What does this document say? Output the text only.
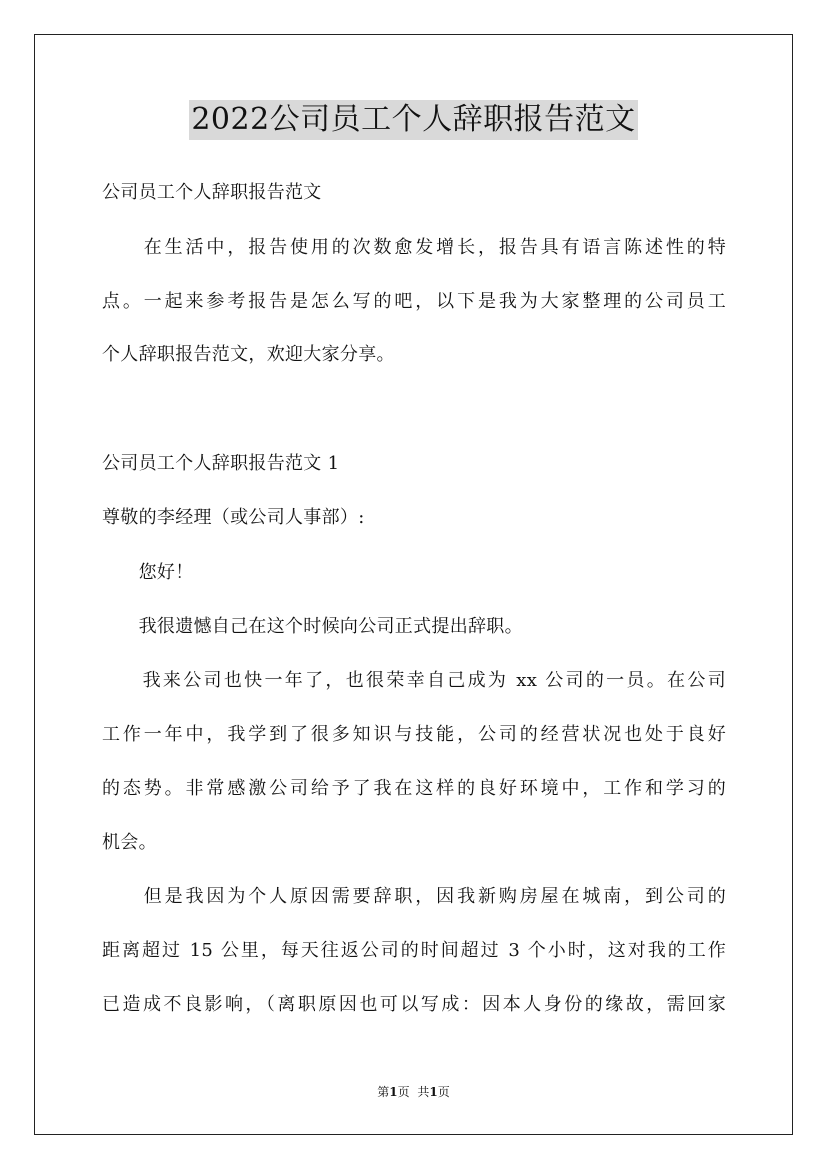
2022公司员工个人辞职报告范文

公司员工个人辞职报告范文

　　在生活中，报告使用的次数愈发增长，报告具有语言陈述性的特

点。一起来参考报告是怎么写的吧，以下是我为大家整理的公司员工

个人辞职报告范文，欢迎大家分享。

公司员工个人辞职报告范文 1

尊敬的李经理（或公司人事部）:

　　您好！

　　我很遗憾自己在这个时候向公司正式提出辞职。

　　我来公司也快一年了，也很荣幸自己成为 xx 公司的一员。在公司

工作一年中，我学到了很多知识与技能，公司的经营状况也处于良好

的态势。非常感激公司给予了我在这样的良好环境中，工作和学习的

机会。

　　但是我因为个人原因需要辞职，因我新购房屋在城南，到公司的

距离超过 15 公里，每天往返公司的时间超过 3 个小时，这对我的工作

已造成不良影响，（离职原因也可以写成：因本人身份的缘故，需回家

第1页 共1页
